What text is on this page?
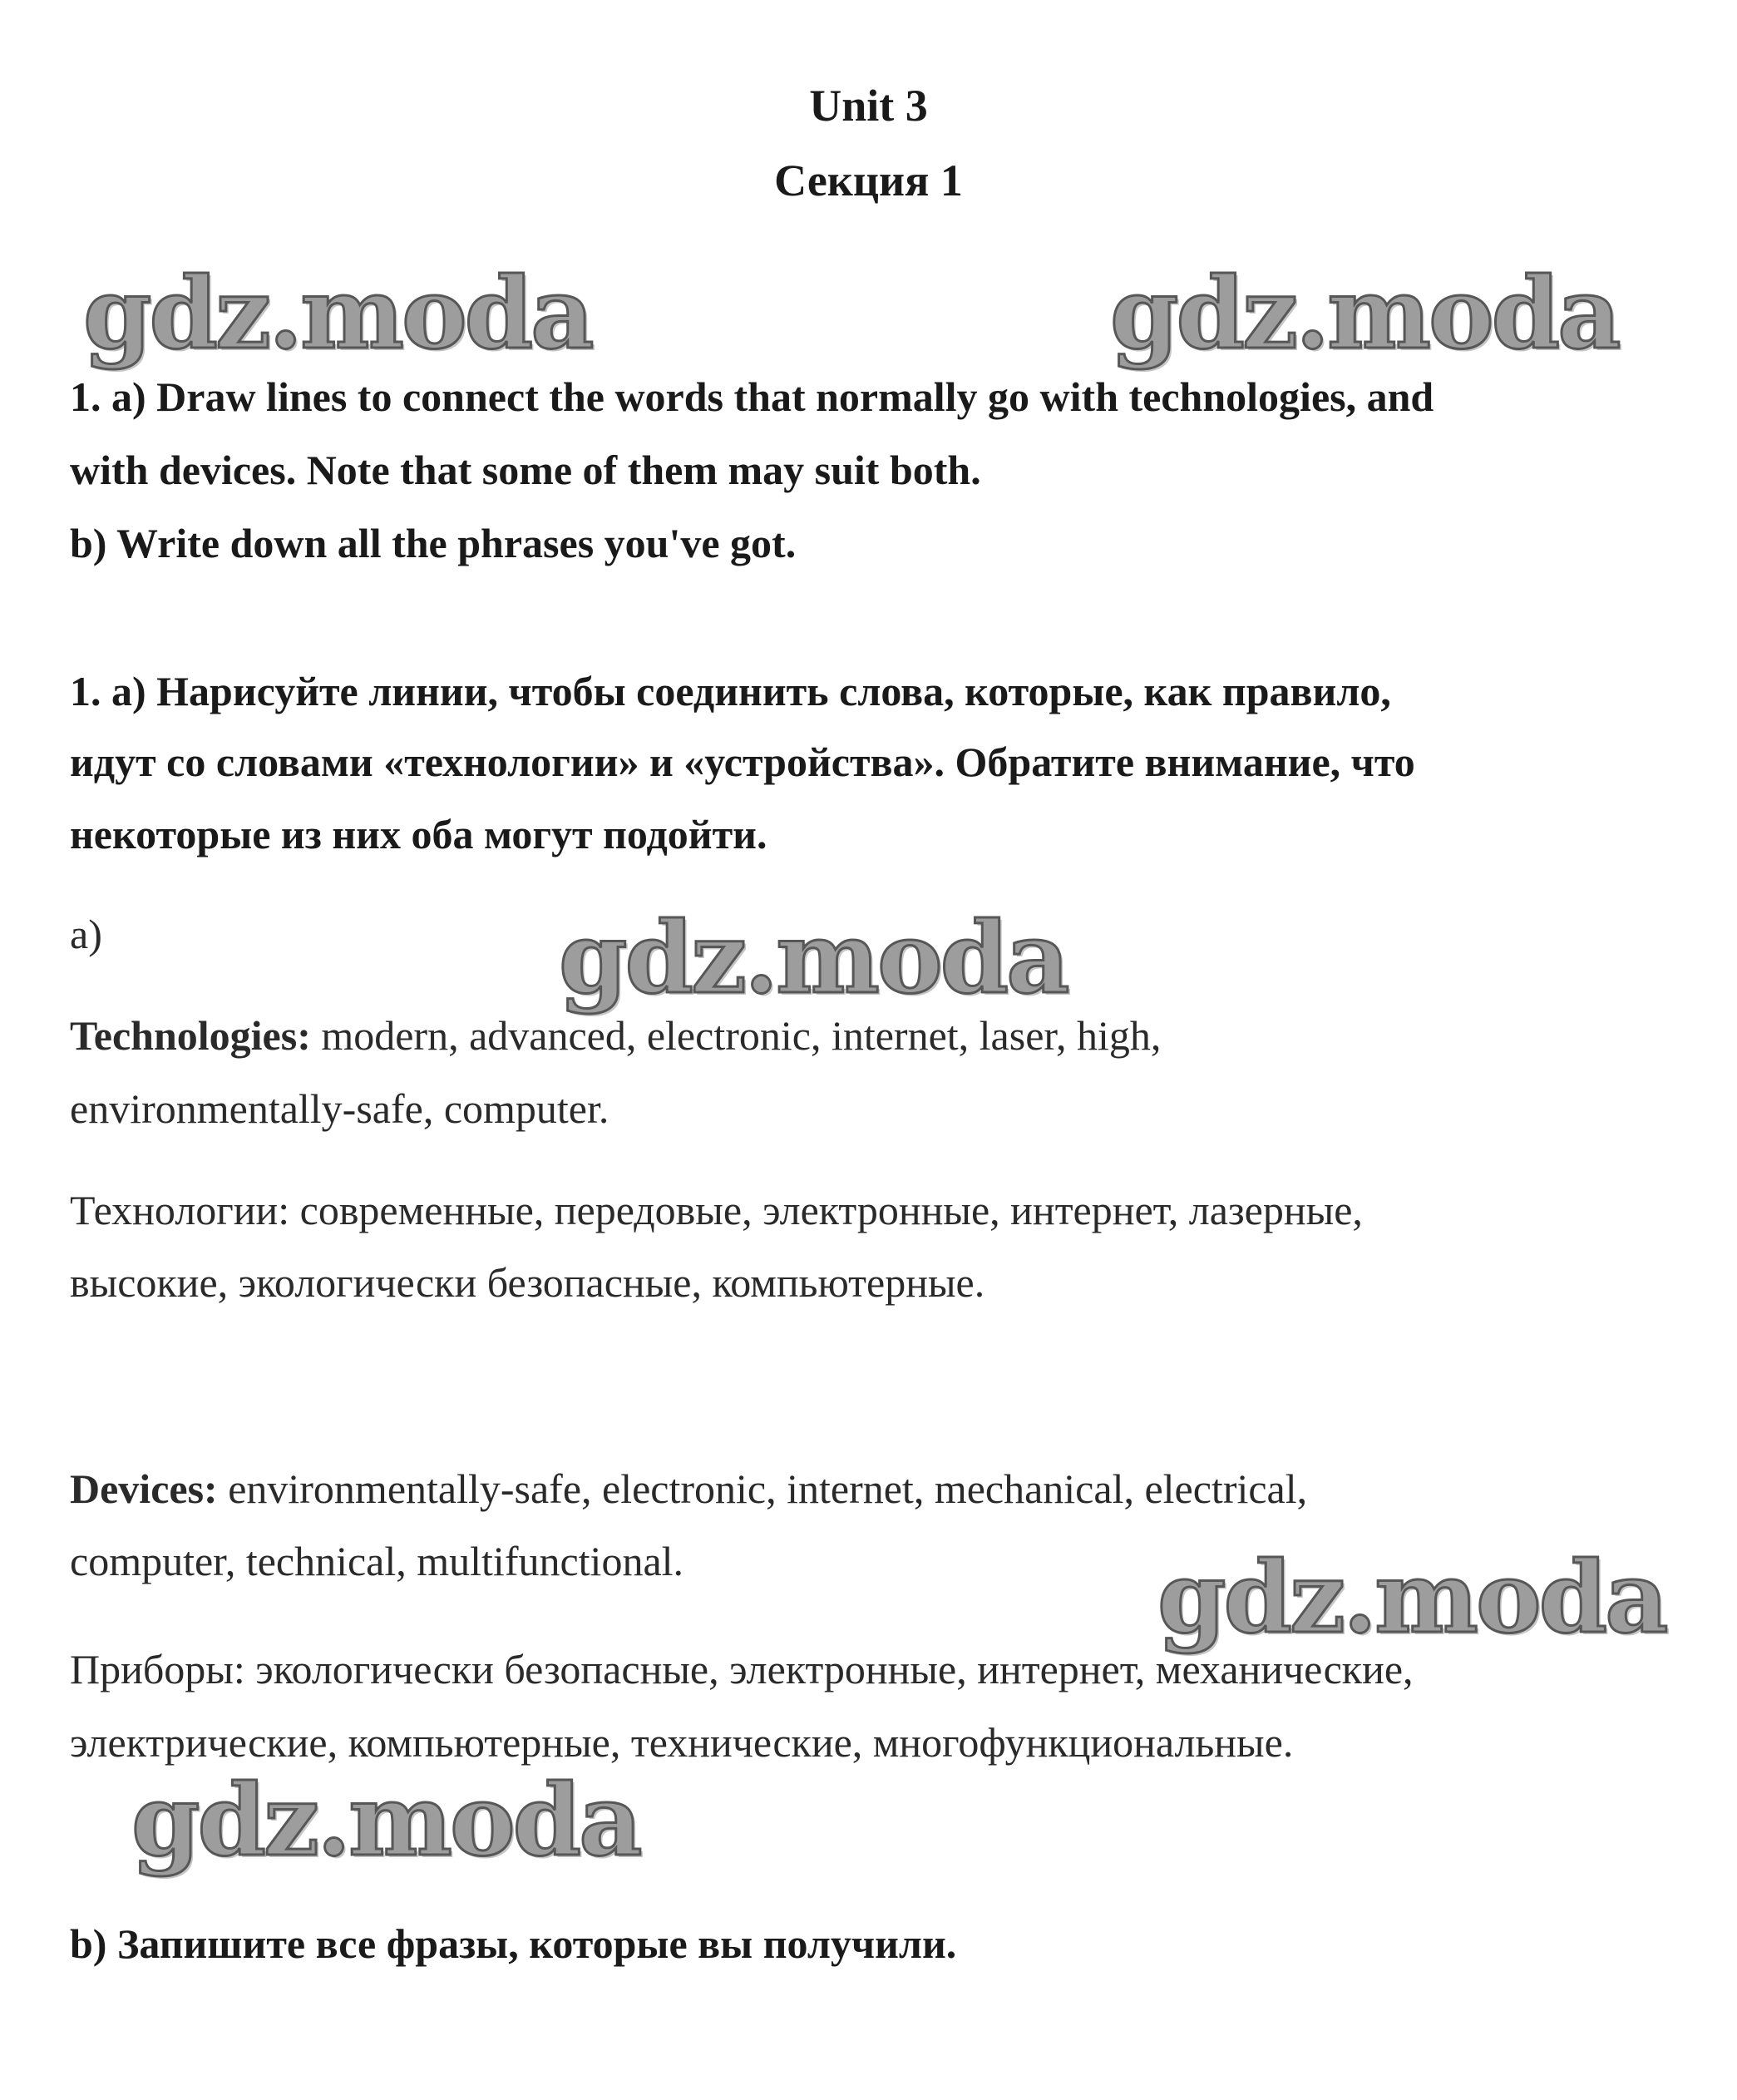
Unit 3
Секция 1
gdz.moda	gdz.moda
1. a) Draw lines to connect the words that normally go with technologies, and
with devices. Note that some of them may suit both.
b) Write down all the phrases you've got.
1. a) Нарисуйте линии, чтобы соединить слова, которые, как правило,
идут со словами «технологии» и «устройства». Обратите внимание, что
некоторые из них оба могут подойти.
a)	gdz.moda
Technologies: modern, advanced, electronic, internet, laser, high,
environmentally-safe, computer.
Технологии: современные, передовые, электронные, интернет, лазерные,
высокие, экологически безопасные, компьютерные.
Devices: environmentally-safe, electronic, internet, mechanical, electrical,
computer, technical, multifunctional.	gdz.moda
Приборы: экологически безопасные, электронные, интернет, механические,
электрические, компьютерные, технические, многофункциональные.
gdz.moda
b) Запишите все фразы, которые вы получили.
